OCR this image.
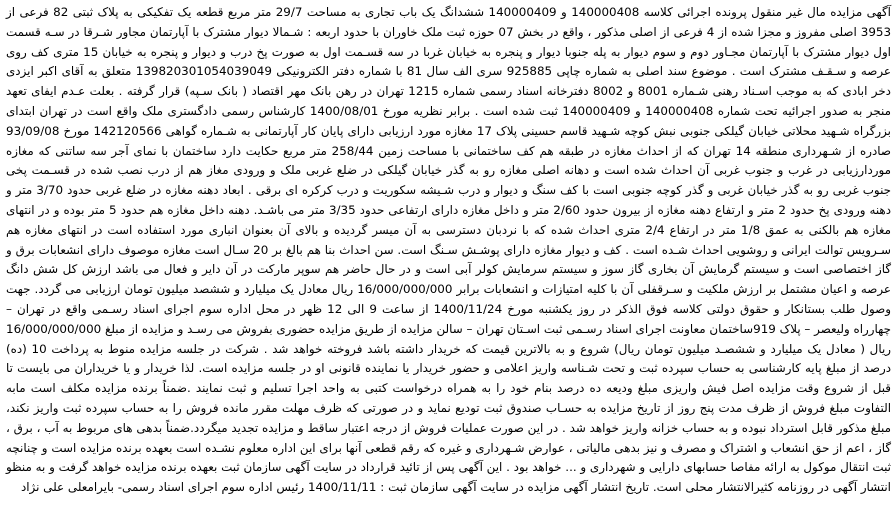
آگهی مزایده مال غیر منقول پرونده اجرائی کلاسه 140000408 و 140000409 ششدانگ یک باب تجاری به مساحت 29/7 متر مربع قطعه یک تفکیکی به پلاک ثبتی 82 فرعی از 3953 اصلی مفروز و مجزا شده از 4 فرعی از اصلی مذکور ، واقع در بخش 07 حوزه ثبت ملک خاوران با حدود اربعه : شـمالا دیوار مشترک با آپارتمان مجاور شـرقا در سـه قسمت اول دیوار مشترک با آپارتمان مجـاور دوم و سوم دیوار به پله جنوبا دیوار و پنجره به خیابان غربا در سه قسـمت اول به صورت پخ درب و دیوار و پنجره به خیابان 15 متری کف روی عرصه و سـقـف مشترک است . موضوع سند اصلی به شماره چاپی 925885 سری الف سال 81 با شماره دفتر الکترونیکی 139820301054039049 متعلق به آقای اکبر ایزدی دخر ابادی که به موجب اسـناد رهنی شـماره 8001 و 8002 دفترخانه اسناد رسمی شماره 1215 تهران در رهن بانک مهر اقتصاد ( بانک سـپه) قرار گرفته . بعلت عـدم ایفای تعهد منجر به صدور اجرائیه تحت شماره 140000408 و 140000409 ثبت شده است . برابر نظریه مورخ 1400/08/01 کارشناس رسمی دادگستری ملک واقع است در تهران ابتدای بزرگراه شـهید محلاتی خیابان گیلکی جنوبی نبش کوچه شـهید قاسم حسینی پلاک 17 مغازه مورد ارزیابی دارای پایان کار آپارتمانی به شـماره گواهی 142120566 مورخ 93/09/08 صادره از شـهرداری منطقه 14 تهران که از احداث مغازه در طبقه هم کف ساختمانی با مساحت زمین 258/44 متر مربع حکایت دارد ساختمان با نمای آجر سه ساتنی که مغازه موردارزیابی در غرب و جنوب غربی آن احداث شده است و دهانه اصلی مغازه رو به گذر خیابان گیلکی در ضلع غربی ملک و ورودی مغاز هم از درب نصب شده در قسـمت پخی جنوب غربی رو به گذر خیابان غربی و گذر کوچه جنوبی است با کف سنگ و دیوار و درب شـیشه سکوریت و درب کرکره ای برقی . ابعاد دهنه مغازه در ضلع غربی حدود 3/70 متر و دهنه ورودی پخ حدود 2 متر و ارتفاع دهنه مغازه از بیرون حدود 2/60 متر و داخل مغازه دارای ارتفاعی حدود 3/35 متر می باشـد. دهنه داخل مغازه هم حدود 5 متر بوده و در انتهای مغازه هم بالکنی به عمق 1/8 متر در ارتفاع 2/4 متری احداث شده که با نردبان دسترسی به آن میسر گردیده و بالای آن بعنوان انباری مورد استفاده است در انتهای مغازه هم سـرویس توالت ایرانی و روشویی احداث شـده است . کف و دیوار مغازه دارای پوشـش سـنگ است. سن احداث بنا هم بالغ بر 20 سـال است مغازه موصوف دارای انشعابات برق و گاز اختصاصی است و سیستم گرمایش آن بخاری گاز سوز و سیستم سرمایش کولر آبی است و در حال حاضر هم سوپر مارکت در آن دایر و فعال می باشد ارزش کل شش دانگ عرصه و اعیان مشتمل بر ارزش ملکیت و سـرقفلی آن با کلیه امتیازات و انشعابات برابر 16/000/000/000 ریال معادل یک میلیارد و ششصد میلیون تومان ارزیابی می گردد. جهت وصول طلب بستانکار و حقوق دولتی کلاسه فوق الذکر در روز یکشنبه مورخ 1400/11/24 از ساعت 9 الی 12 ظهر در محل اداره سوم اجرای اسناد رسـمی واقع در تهران – چهارراه ولیعصر – پلاک 919ساختمان معاونت اجرای اسناد رسـمی ثبت اسـتان تهران – سالن مزایده از طریق مزایده حضوری بفروش می رسـد و مزایده از مبلغ 16/000/000/000 ریال ( معادل یک میلیارد و ششصـد میلیون تومان ریال) شروع و به بالاترین قیمت که خریدار داشته باشد فروخته خواهد شد . شرکت در جلسه مزایده منوط به پرداخت 10 (ده) درصد از مبلغ پایه کارشناسی به حساب سپرده ثبت و تحت شـناسه واریز اعلامی و حضور خریدار یا نماینده قانونی او در جلسه مزایده است. لذا خریدار و یا خریداران می بایست تا قبل از شروع وقت مزایده اصل فیش واریزی مبلغ ودیعه ده درصد بنام خود را به همراه درخواست کتبی به واحد اجرا تسلیم و ثبت نمایند .ضمناً برنده مزایده مکلف است مابه التفاوت مبلغ فروش از ظرف مدت پنج روز از تاریخ مزایده به حسـاب صندوق ثبت تودیع نماید و در صورتی که ظرف مهلت مقرر مانده فروش را به حساب سپرده ثبت واریز نکند، مبلغ مذکور قابل استرداد نبوده و به حساب خزانه واریز خواهد شد . در این صورت عملیات فروش از درجه اعتبار ساقط و مزایده تجدید میگردد.ضمناً بدهی های مربوط به آب ، برق ، گاز ، اعم از حق انشعاب و اشتراک و مصرف و نیز بدهی مالیاتی ، عوارض شـهرداری و غیره که رقم قطعی آنها برای این اداره معلوم نشـده است بعهده برنده مزایده است و چنانچه ثبت انتقال موکول به ارائه مفاصا حسابهای دارایی و شهرداری و ... خواهد بود . این آگهی پس از تائید قرارداد در سایت آگهی سازمان ثبت بعهده برنده مزایده خواهد گرفت و به منظو انتشار آگهی در روزنامه کثیرالانتشار محلی است. تاریخ انتشار آگهی مزایده در سایت آگهی سازمان ثبت : 1400/11/11 رئیس اداره سوم اجرای اسناد رسمی- بایرامعلی علی نژاد
